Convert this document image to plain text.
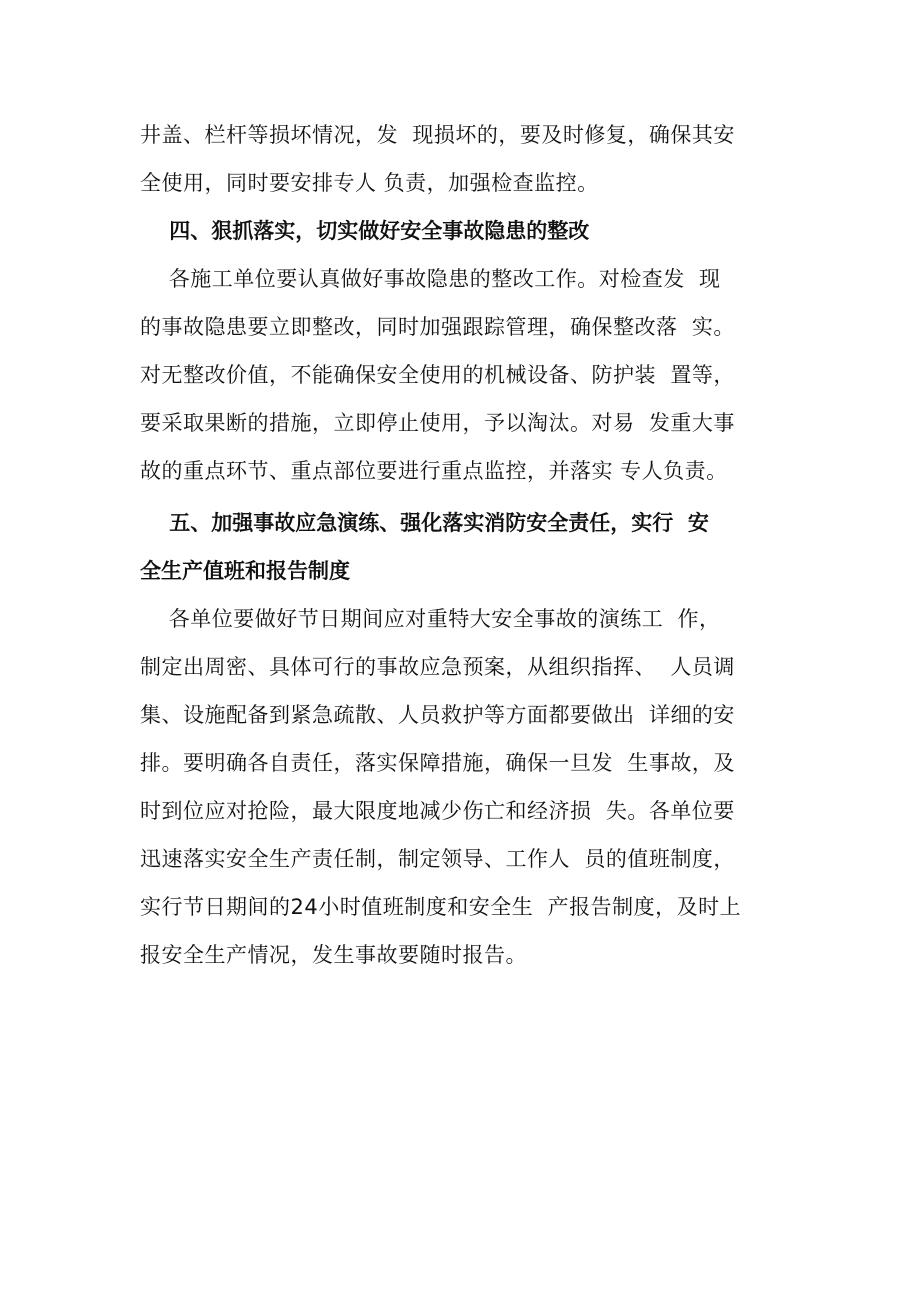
井盖、栏杆等损坏情况，发  现损坏的，要及时修复，确保其安
全使用，同时要安排专人 负责，加强检查监控。
四、狠抓落实，切实做好安全事故隐患的整改
各施工单位要认真做好事故隐患的整改工作。对检查发  现
的事故隐患要立即整改，同时加强跟踪管理，确保整改落  实。
对无整改价值，不能确保安全使用的机械设备、防护装  置等，
要采取果断的措施，立即停止使用，予以淘汰。对易  发重大事
故的重点环节、重点部位要进行重点监控，并落实 专人负责。
五、加强事故应急演练、强化落实消防安全责任，实行  安
全生产值班和报告制度
各单位要做好节日期间应对重特大安全事故的演练工  作，
制定出周密、具体可行的事故应急预案，从组织指挥、  人员调
集、设施配备到紧急疏散、人员救护等方面都要做出  详细的安
排。要明确各自责任，落实保障措施，确保一旦发  生事故，及
时到位应对抢险，最大限度地减少伤亡和经济损  失。各单位要
迅速落实安全生产责任制，制定领导、工作人  员的值班制度，
实行节日期间的24小时值班制度和安全生  产报告制度，及时上
报安全生产情况，发生事故要随时报告。
